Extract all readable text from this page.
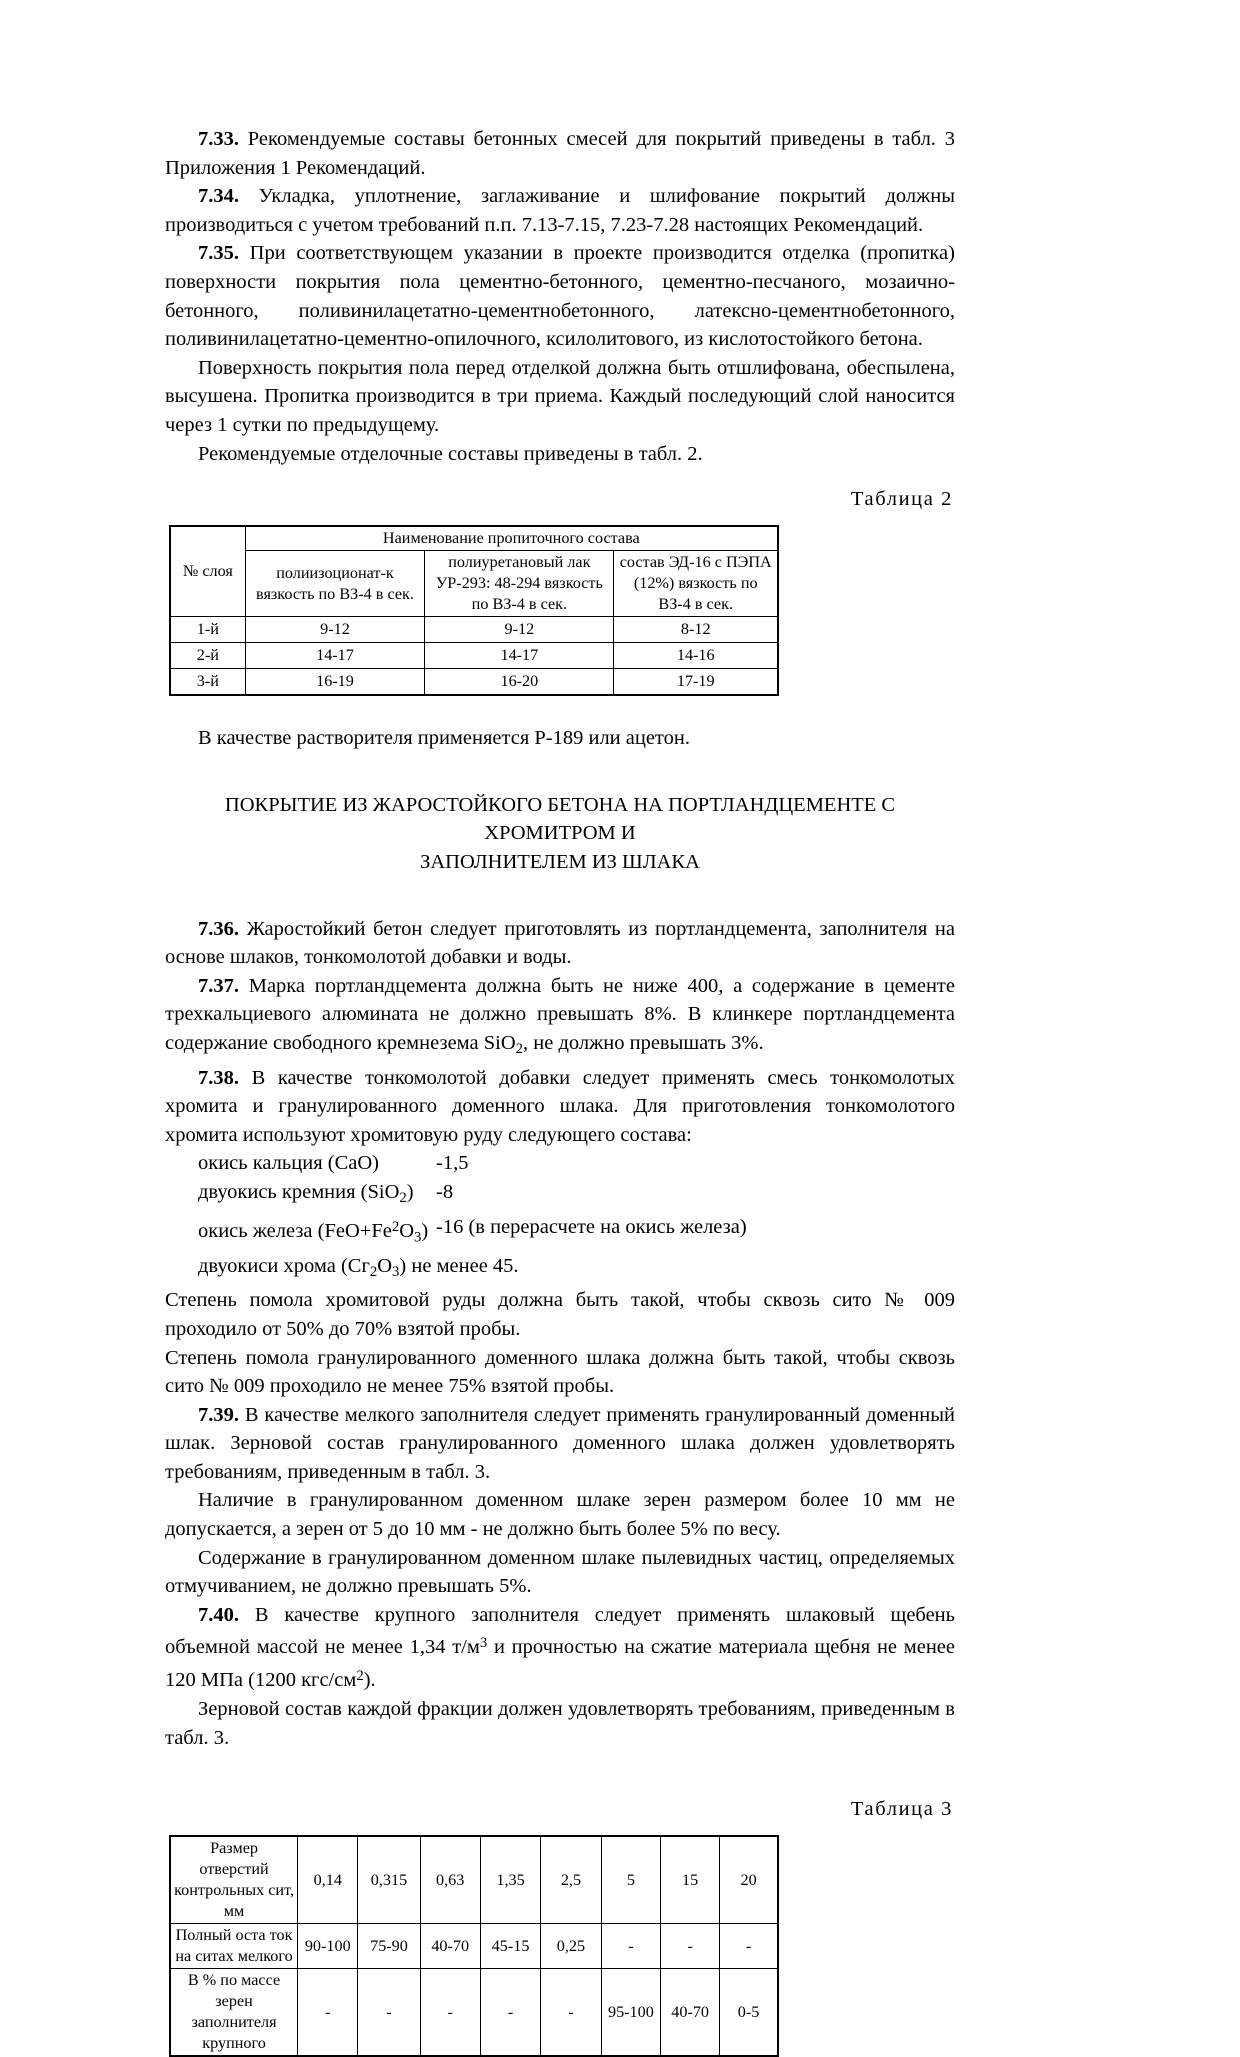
7.33. Рекомендуемые составы бетонных смесей для покрытий приведены в табл. 3 Приложения 1 Рекомендаций.

7.34. Укладка, уплотнение, заглаживание и шлифование покрытий должны производиться с учетом требований п.п. 7.13-7.15, 7.23-7.28 настоящих Рекомендаций.

7.35. При соответствующем указании в проекте производится отделка (пропитка) поверхности покрытия пола цементно-бетонного, цементно-песчаного, мозаично-бетонного, поливинилацетатно-цементнобетонного, латексно-цементнобетонного, поливинилацетатно-цементно-опилочного, ксилолитового, из кислотостойкого бетона.

Поверхность покрытия пола перед отделкой должна быть отшлифована, обеспылена, высушена. Пропитка производится в три приема. Каждый последующий слой наносится через 1 сутки по предыдущему.

Рекомендуемые отделочные составы приведены в табл. 2.

Таблица 2

№ слоя	Наименование пропиточного состава		
	полиизоционат-к вязкость по ВЗ-4 в сек.	полиуретановый лак УР-293: 48-294 вязкость по ВЗ-4 в сек.	состав ЭД-16 с ПЭПА (12%) вязкость по ВЗ-4 в сек.
1-й	9-12	9-12	8-12
2-й	14-17	14-17	14-16
3-й	16-19	16-20	17-19

В качестве растворителя применяется Р-189 или ацетон.

ПОКРЫТИЕ ИЗ ЖАРОСТОЙКОГО БЕТОНА НА ПОРТЛАНДЦЕМЕНТЕ С ХРОМИТРОМ И

ЗАПОЛНИТЕЛЕМ ИЗ ШЛАКА

7.36. Жаростойкий бетон следует приготовлять из портландцемента, заполнителя на основе шлаков, тонкомолотой добавки и воды.

7.37. Марка портландцемента должна быть не ниже 400, а содержание в цементе трехкальциевого алюмината не должно превышать 8%. В клинкере портландцемента содержание свободного кремнезема SiO$_2$, не должно превышать 3%.

7.38. В качестве тонкомолотой добавки следует применять смесь тонкомолотых хромита и гранулированного доменного шлака. Для приготовления тонкомолотого хромита используют хромитовую руду следующего состава:

окись кальция (CaO)	-1,5
двуокись кремния (SiO$_2$)	-8
окись железа $(FeO+Fe^2O_3)$ -16 (в перерасчете на окись железа)
двуокиси хрома $(Сг_2О_3)$ не менее 45.

Степень помола хромитовой руды должна быть такой, чтобы сквозь сито № 009 проходило от 50% до 70% взятой пробы.

Степень помола гранулированного доменного шлака должна быть такой, чтобы сквозь сито № 009 проходило не менее 75% взятой пробы.

7.39. В качестве мелкого заполнителя следует применять гранулированный доменный шлак. Зерновой состав гранулированного доменного шлака должен удовлетворять требованиям, приведенным в табл. 3.

Наличие в гранулированном доменном шлаке зерен размером более 10 мм не допускается, а зерен от 5 до 10 мм - не должно быть более 5% по весу.

Содержание в гранулированном доменном шлаке пылевидных частиц, определяемых отмучиванием, не должно превышать 5%.

7.40. В качестве крупного заполнителя следует применять шлаковый щебень объемной массой не менее 1,34 $т/м^3$ и прочностью на сжатие материала щебня не менее 120 МПа (1200 кгс/$см^2$).

Зерновой состав каждой фракции должен удовлетворять требованиям, приведенным в табл. 3.

Таблица 3

Размер отверстий контрольных сит, мм	0,14	0,315	0,63	1,35	2,5	5	15	20
Полный оста ток на ситах мелкого	90-100	75-90	40-70	45-15	0,25	-	-	-
В % по массе зерен заполнителя крупного	-	-	-	-	-	95-100	40-70	0-5
